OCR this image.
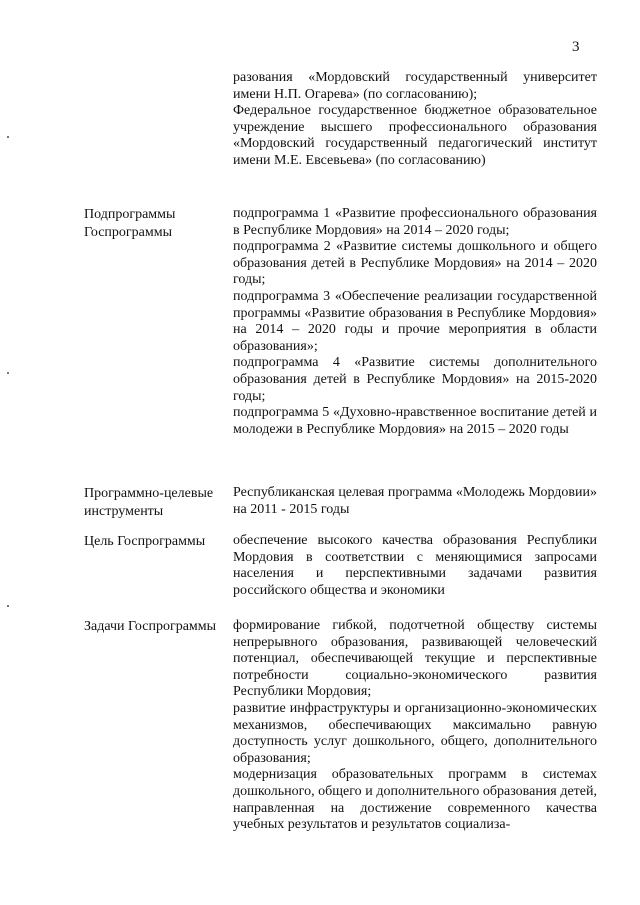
3

разования «Мордовский государственный университет имени Н.П. Огарева» (по согласованию);

Федеральное государственное бюджетное образовательное учреждение высшего профессионального образования «Мордовский государственный педагогический институт имени М.Е. Евсевьева» (по согласованию)

Подпрограммы Госпрограммы

подпрограмма 1 «Развитие профессионального образования в Республике Мордовия» на 2014 – 2020 годы;

подпрограмма 2 «Развитие системы дошкольного и общего образования детей в Республике Мордовия» на 2014 – 2020 годы;

подпрограмма 3 «Обеспечение реализации государственной программы «Развитие образования в Республике Мордовия» на 2014 – 2020 годы и прочие мероприятия в области образования»;

подпрограмма 4 «Развитие системы дополнительного образования детей в Республике Мордовия» на 2015-2020 годы;

подпрограмма 5 «Духовно-нравственное воспитание детей и молодежи в Республике Мордовия» на 2015 – 2020 годы

Программно-целевые инструменты

Республиканская целевая программа «Молодежь Мордовии» на 2011 - 2015 годы

Цель Госпрограммы	обеспечение высокого качества образования Республики Мордовия в соответствии с меняющимися запросами населения и перспективными задачами развития российского общества и экономики

Задачи Госпрограммы	формирование гибкой, подотчетной обществу системы непрерывного образования, развивающей человеческий потенциал, обеспечивающей текущие и перспективные потребности социально-экономического развития Республики Мордовия;

развитие инфраструктуры и организационно-экономических механизмов, обеспечивающих максимально равную доступность услуг дошкольного, общего, дополнительного образования;

модернизация образовательных программ в системах дошкольного, общего и дополнительного образования детей, направленная на достижение современного качества учебных результатов и результатов социализа-
